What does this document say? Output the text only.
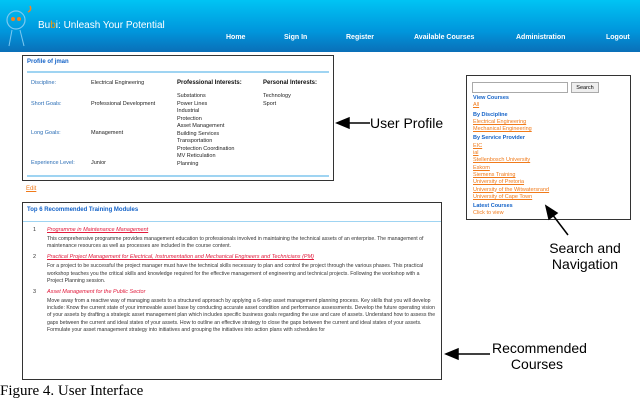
Bubi: Unleash Your Potential
Home	Sign In	Register	Available Courses	Administration	Logout
Profile of jman
Discipline:	Electrical Engineering
Short Goals:	Professional Development
Long Goals:	Management
Experience Level:	Junior
Professional Interests:
Substations
Power Lines
Industrial
Protection
Asset Management
Building Services
Transportation
Protection Coordination
MV Reticulation
Planning
Personal Interests:
Technology
Sport
Edit
Search
View Courses
All
By Discipline
Electrical Engineering
Mechanical Engineering
By Service Provider
EIC
ial
Stellenbosch University
Eskom
Siemens Training
University of Pretoria
University of the Witwatersrand
University of Cape Town
Latest Courses
Click to view
Top 6 Recommended Training Modules
1 Programme in Maintenance Management

This comprehensive programme provides management education to professionals involved in maintaining the technical assets of an enterprise. The management of maintenance resources as well as processes are included in the course content.

2 Practical Project Management for Electrical, Instrumentation and Mechanical Engineers and Technicians (PM)

For a project to be successful the project manager must have the technical skills necessary to plan and control the project through the various phases. This practical workshop teaches you the critical skills and knowledge required for the effective management of engineering and technical projects. Following the workshop with a Project Planning session.

3 Asset Management for the Public Sector

Move away from a reactive way of managing assets to a structured approach by applying a 6-step asset management planning process. Key skills that you will develop include: Know the current state of your immovable asset base by conducting accurate asset condition and performance assessments. Develop the future operating vision of your assets by drafting a strategic asset management plan which includes specific business goals regarding the use and care of assets. Understand how to assess the gaps between the current and ideal states of your assets. How to outline an effective strategy to close the gaps between the current and ideal states of your assets. Formulate your asset management strategy into initiatives and grouping the initiatives into action plans with schedules for

User Profile
Search and Navigation
Recommended Courses
Figure 4. User Interface
